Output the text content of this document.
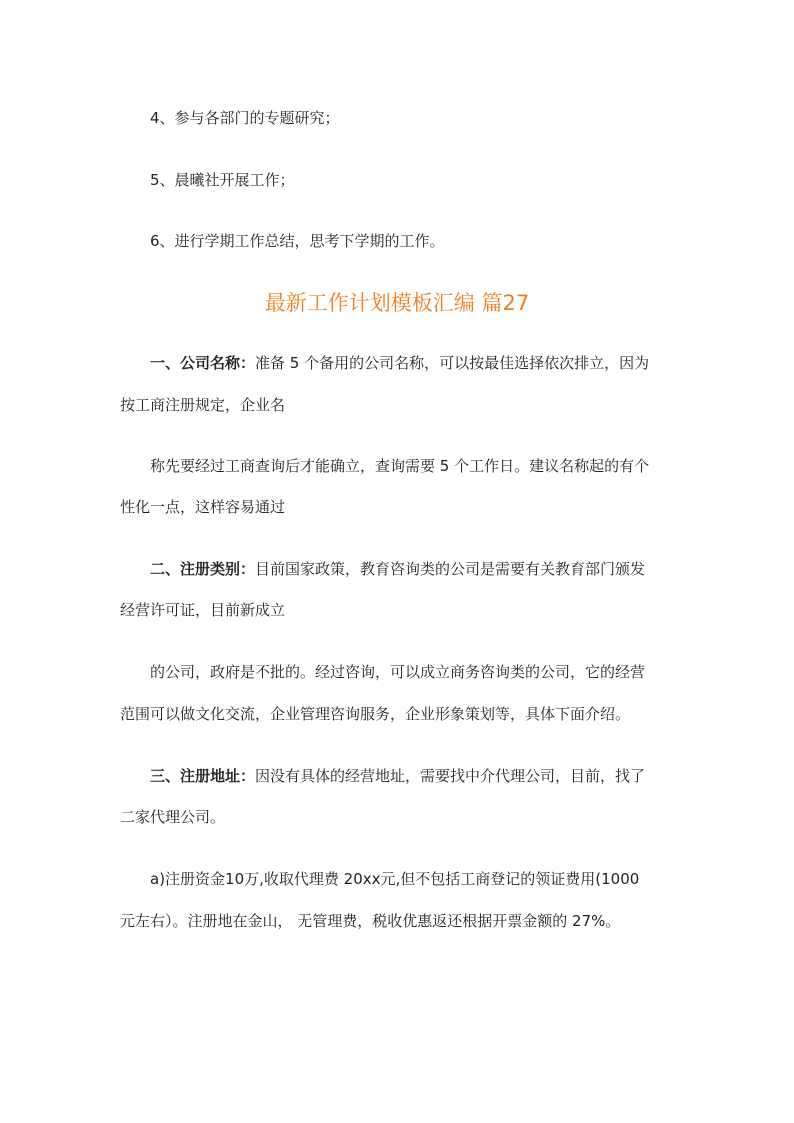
4、参与各部门的专题研究；
5、晨曦社开展工作；
6、进行学期工作总结，思考下学期的工作。
最新工作计划模板汇编 篇27
一、公司名称：准备 5 个备用的公司名称，可以按最佳选择依次排立，因为
按工商注册规定，企业名
称先要经过工商查询后才能确立，查询需要 5 个工作日。建议名称起的有个
性化一点，这样容易通过
二、注册类别：目前国家政策，教育咨询类的公司是需要有关教育部门颁发
经营许可证，目前新成立
的公司，政府是不批的。经过咨询，可以成立商务咨询类的公司，它的经营
范围可以做文化交流，企业管理咨询服务，企业形象策划等，具体下面介绍。
三、注册地址：因没有具体的经营地址，需要找中介代理公司，目前，找了
二家代理公司。
a)注册资金10万,收取代理费 20xx元,但不包括工商登记的领证费用(1000
元左右）。注册地在金山， 无管理费，税收优惠返还根据开票金额的 27%。
